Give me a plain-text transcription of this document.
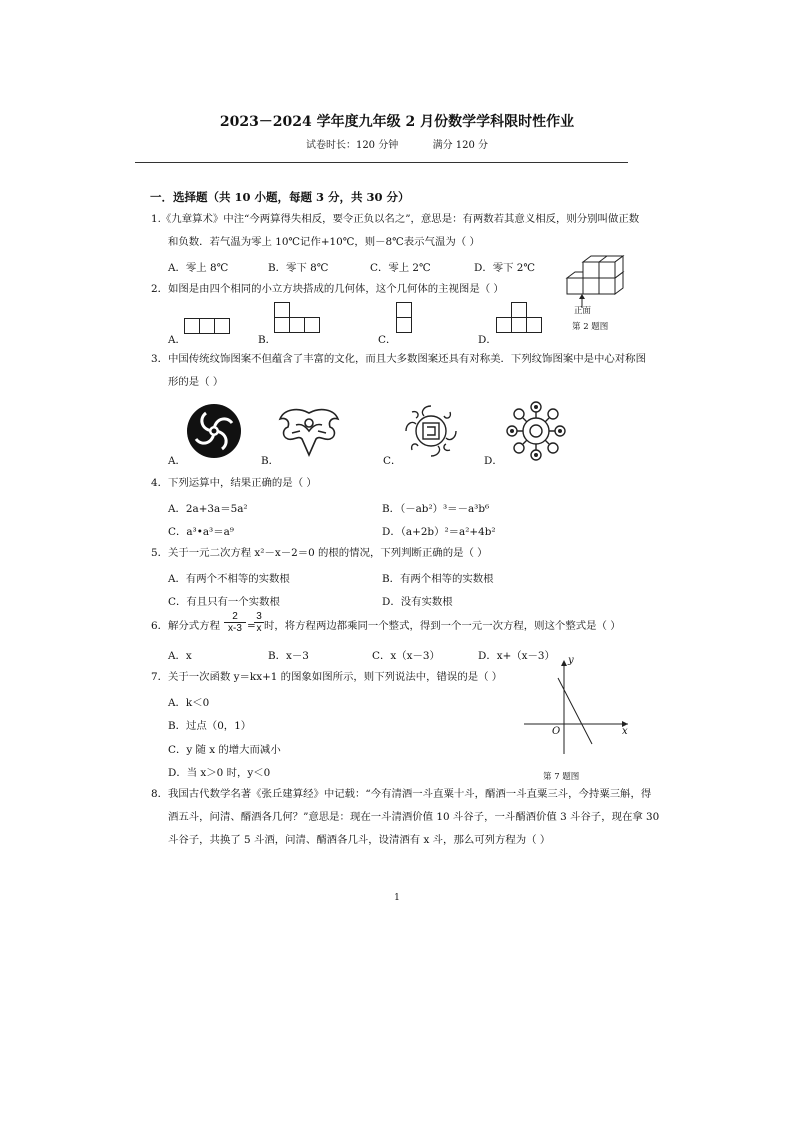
2023－2024 学年度九年级 2 月份数学学科限时性作业
试卷时长：120 分钟	满分 120 分
一．选择题（共 10 小题，每题 3 分，共 30 分）
1.《九章算术》中注“今两算得失相反，要令正负以名之”，意思是：有两数若其意义相反，则分别叫做正数
和负数．若气温为零上 10℃记作+10℃，则－8℃表示气温为（ ）
A．零上 8℃	B．零下 8℃	C．零上 2℃	D．零下 2℃
正面
第 2 题图
2．如图是由四个相同的小立方块搭成的几何体，这个几何体的主视图是（ ）
A．	B．	C．	D．
3．中国传统纹饰图案不但蕴含了丰富的文化，而且大多数图案还具有对称美．下列纹饰图案中是中心对称图
形的是（ ）
A．	B．	C．	D．
4．下列运算中，结果正确的是（ ）
A．2a+3a＝5a²	B．（－ab²）³＝－a³b⁶
C．a³•a³＝a⁹	D．（a+2b）²＝a²+4b²
5．关于一元二次方程 x²－x－2＝0 的根的情况，下列判断正确的是（ ）
A．有两个不相等的实数根	B．有两个相等的实数根
C．有且只有一个实数根	D．没有实数根
6．解分式方程 $\frac{2}{x-3}$ =
$\frac{3}{x}$ 时，将方程两边都乘同一个整式，得到一个一元一次方程，则这个整式是（ ）
A．x	B．x－3	C．x（x－3）	D．x+（x－3）
7．关于一次函数 y＝kx+1 的图象如图所示，则下列说法中，错误的是（ ）
A．k＜0
B．过点（0，1）
C．y 随 x 的增大而减小
D．当 x＞0 时，y＜0
y
x
O
第 7 题图
8．我国古代数学名著《张丘建算经》中记载：“今有清酒一斗直粟十斗，醑酒一斗直粟三斗，今持粟三斛，得
酒五斗，问清、醑酒各几何？”意思是：现在一斗清酒价值 10 斗谷子，一斗醑酒价值 3 斗谷子，现在拿 30
斗谷子，共换了 5 斗酒，问清、醑酒各几斗，设清酒有 x 斗，那么可列方程为（ ）
1
